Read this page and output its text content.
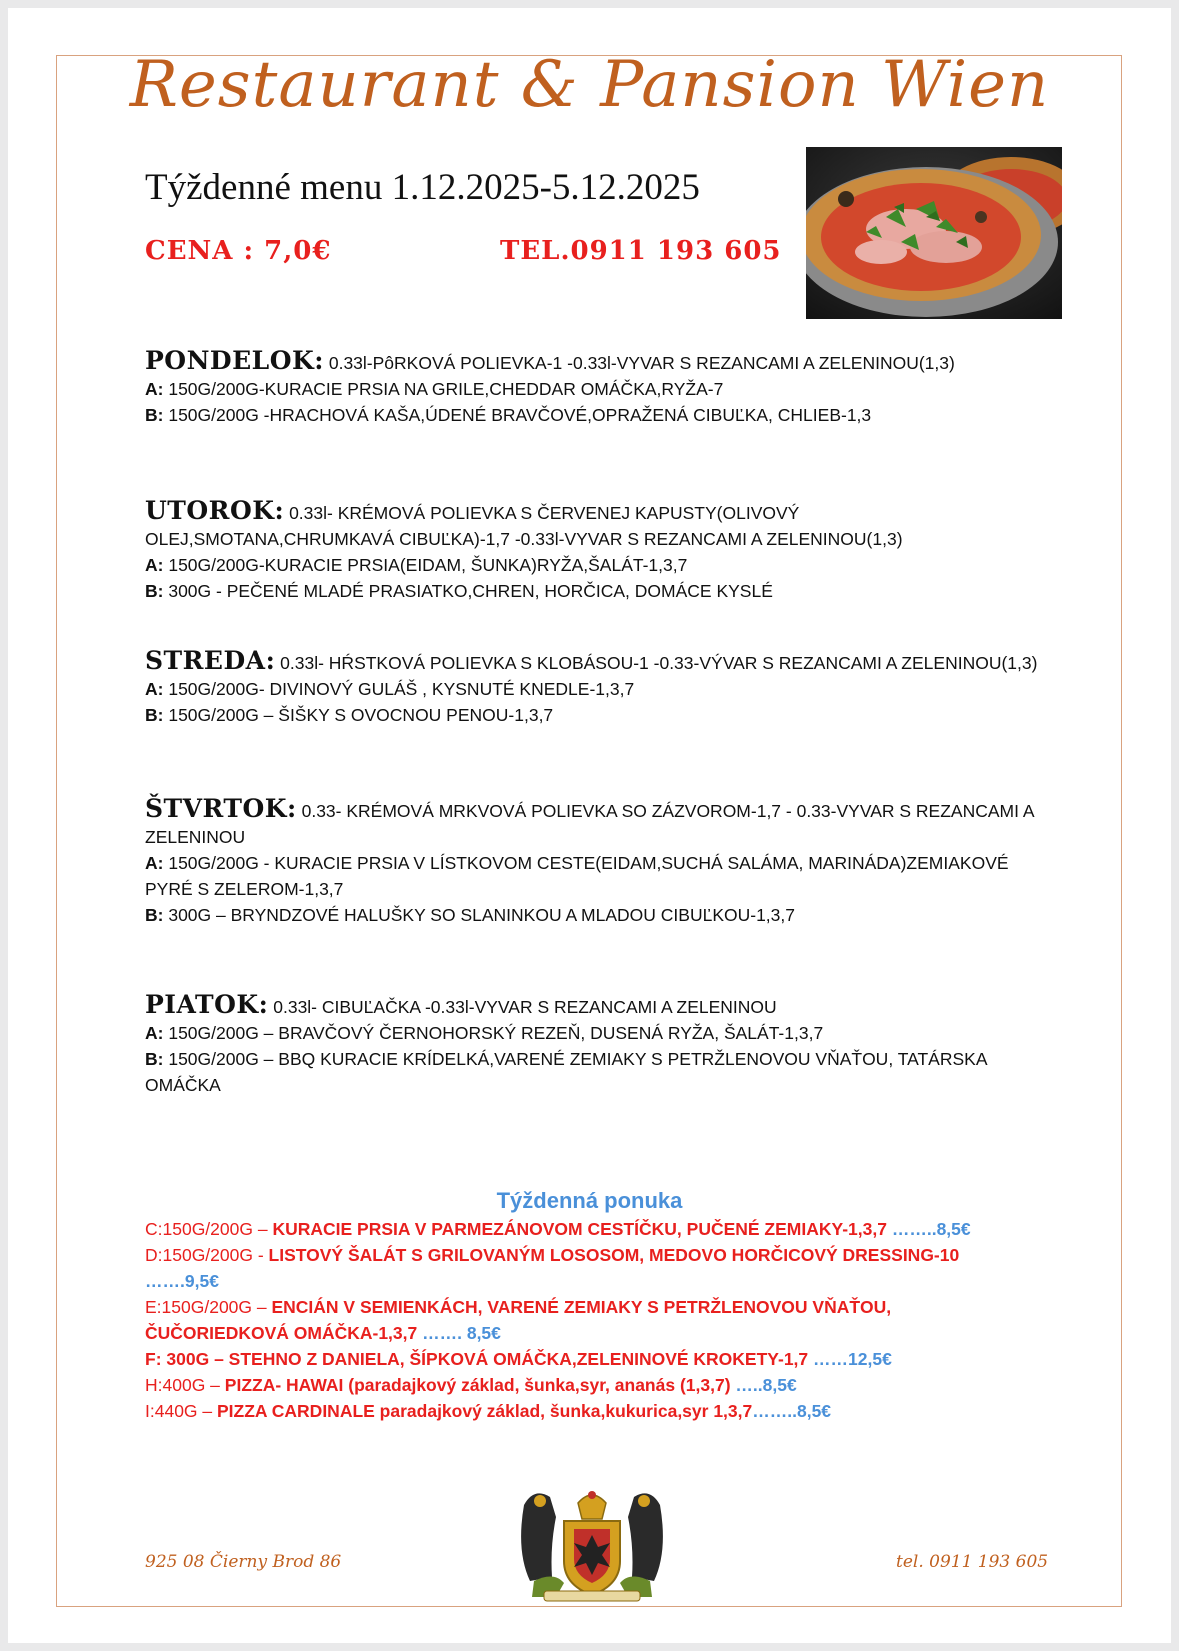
Restaurant & Pansion Wien
Týždenné menu 1.12.2025-5.12.2025
CENA : 7,0€	TEL.0911 193 605
PONDELOK: 0.33l-PôRKOVÁ POLIEVKA-1 -0.33l-VYVAR S REZANCAMI A ZELENINOU(1,3)
A: 150G/200G-KURACIE PRSIA NA GRILE,CHEDDAR OMÁČKA,RYŽA-7
B: 150G/200G -HRACHOVÁ KAŠA,ÚDENÉ BRAVČOVÉ,OPRAŽENÁ CIBUĽKA, CHLIEB-1,3
UTOROK: 0.33l- KRÉMOVÁ POLIEVKA S ČERVENEJ KAPUSTY(OLIVOVÝ OLEJ,SMOTANA,CHRUMKAVÁ CIBUĽKA)-1,7 -0.33l-VYVAR S REZANCAMI A ZELENINOU(1,3)
A: 150G/200G-KURACIE PRSIA(EIDAM, ŠUNKA)RYŽA,ŠALÁT-1,3,7
B: 300G - PEČENÉ MLADÉ PRASIATKO,CHREN, HORČICA, DOMÁCE KYSLÉ
STREDA: 0.33l- HŔSTKOVÁ POLIEVKA S KLOBÁSOU-1 -0.33-VÝVAR S REZANCAMI A ZELENINOU(1,3)
A: 150G/200G- DIVINOVÝ GULÁŠ , KYSNUTÉ KNEDLE-1,3,7
B: 150G/200G – ŠIŠKY S OVOCNOU PENOU-1,3,7
ŠTVRTOK: 0.33- KRÉMOVÁ MRKVOVÁ POLIEVKA SO ZÁZVOROM-1,7 - 0.33-VYVAR S REZANCAMI A ZELENINOU
A: 150G/200G - KURACIE PRSIA V LÍSTKOVOM CESTE(EIDAM,SUCHÁ SALÁMA, MARINÁDA)ZEMIAKOVÉ PYRÉ S ZELEROM-1,3,7
B: 300G – BRYNDZOVÉ HALUŠKY SO SLANINKOU A MLADOU CIBUĽKOU-1,3,7
PIATOK: 0.33l- CIBUĽAČKA -0.33l-VYVAR S REZANCAMI A ZELENINOU
A: 150G/200G – BRAVČOVÝ ČERNOHORSKÝ REZEŇ, DUSENÁ RYŽA, ŠALÁT-1,3,7
B: 150G/200G – BBQ KURACIE KRÍDELKÁ,VARENÉ ZEMIAKY S PETRŽLENOVOU VŇAŤOU, TATÁRSKA OMÁČKA
Týždenná ponuka
C:150G/200G – KURACIE PRSIA V PARMEZÁNOVOM CESTÍČKU, PUČENÉ ZEMIAKY-1,3,7 ……..8,5€
D:150G/200G - LISTOVÝ ŠALÁT S GRILOVANÝM LOSOSOM, MEDOVO HORČICOVÝ DRESSING-10 …….9,5€
E:150G/200G – ENCIÁN V SEMIENKÁCH, VARENÉ ZEMIAKY S PETRŽLENOVOU VŇAŤOU, ČUČORIEDKOVÁ OMÁČKA-1,3,7 ……. 8,5€
F: 300G – STEHNO Z DANIELA, ŠÍPKOVÁ OMÁČKA,ZELENINOVÉ KROKETY-1,7 ……12,5€
H:400G – PIZZA- HAWAI (paradajkový základ, šunka,syr, ananás (1,3,7) …..8,5€
I:440G – PIZZA CARDINALE paradajkový základ, šunka,kukurica,syr 1,3,7……..8,5€
925 08 Čierny Brod 86	tel. 0911 193 605
